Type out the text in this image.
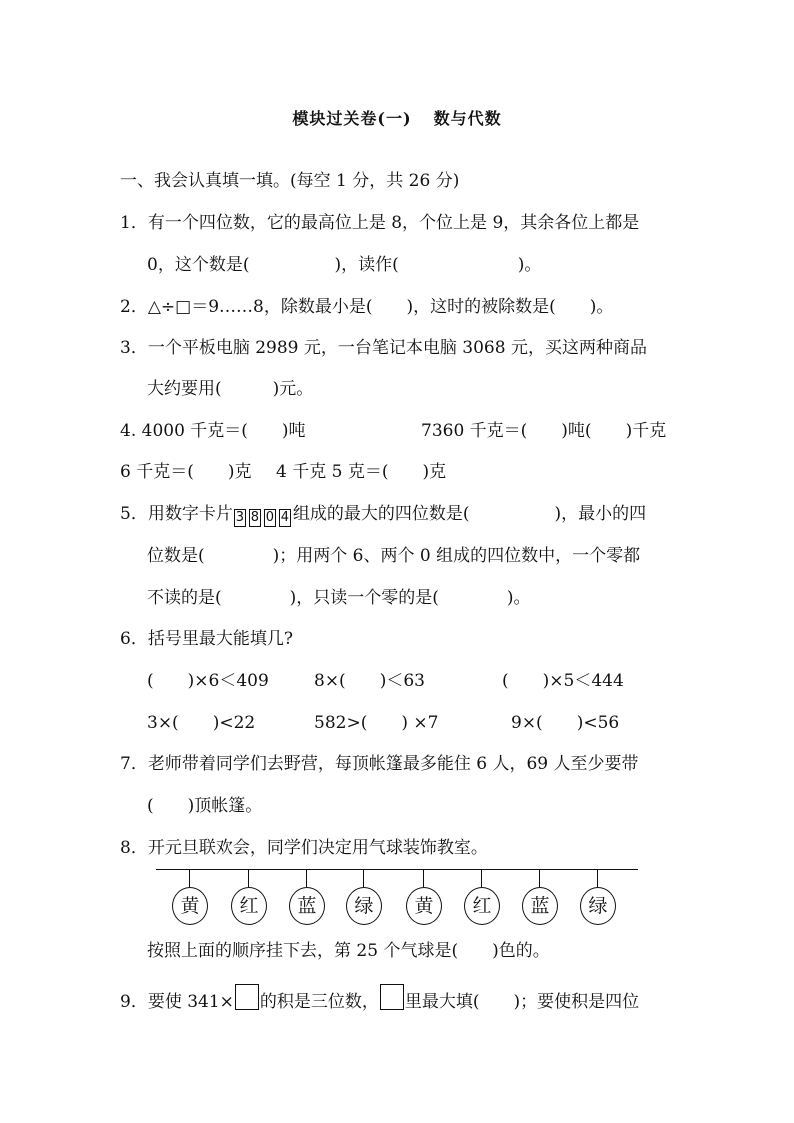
模块过关卷(一) 数与代数
一、我会认真填一填。(每空 1 分，共 26 分)
1．有一个四位数，它的最高位上是 8，个位上是 9，其余各位上都是
0，这个数是(　　　　　)，读作(　　　　　　　)。
2．△÷□＝9……8，除数最小是(　　)，这时的被除数是(　　)。
3．一个平板电脑 2989 元，一台笔记本电脑 3068 元，买这两种商品
大约要用(　　　)元。
4. 4000 千克＝(　　)吨	7360 千克＝(　　)吨(　　)千克
6 千克＝(　　)克 4 千克 5 克＝(　　)克
5．用数字卡片 3 8 0 4 组成的最大的四位数是(　　　　　)，最小的四
位数是(　　　　)；用两个 6、两个 0 组成的四位数中，一个零都
不读的是(　　　　)，只读一个零的是(　　　　)。
6．括号里最大能填几?
(　　)×6＜409	8×(　　)＜63	(　　)×5＜444
3×(　　)<22	582>(　　) ×7	9×(　　)<56
7．老师带着同学们去野营，每顶帐篷最多能住 6 人，69 人至少要带
(　　)顶帐篷。
8．开元旦联欢会，同学们决定用气球装饰教室。
黄	红	蓝	绿	黄	红	蓝	绿
按照上面的顺序挂下去，第 25 个气球是(　　)色的。
9．要使 341× 的积是三位数， 里最大填(　　)；要使积是四位
